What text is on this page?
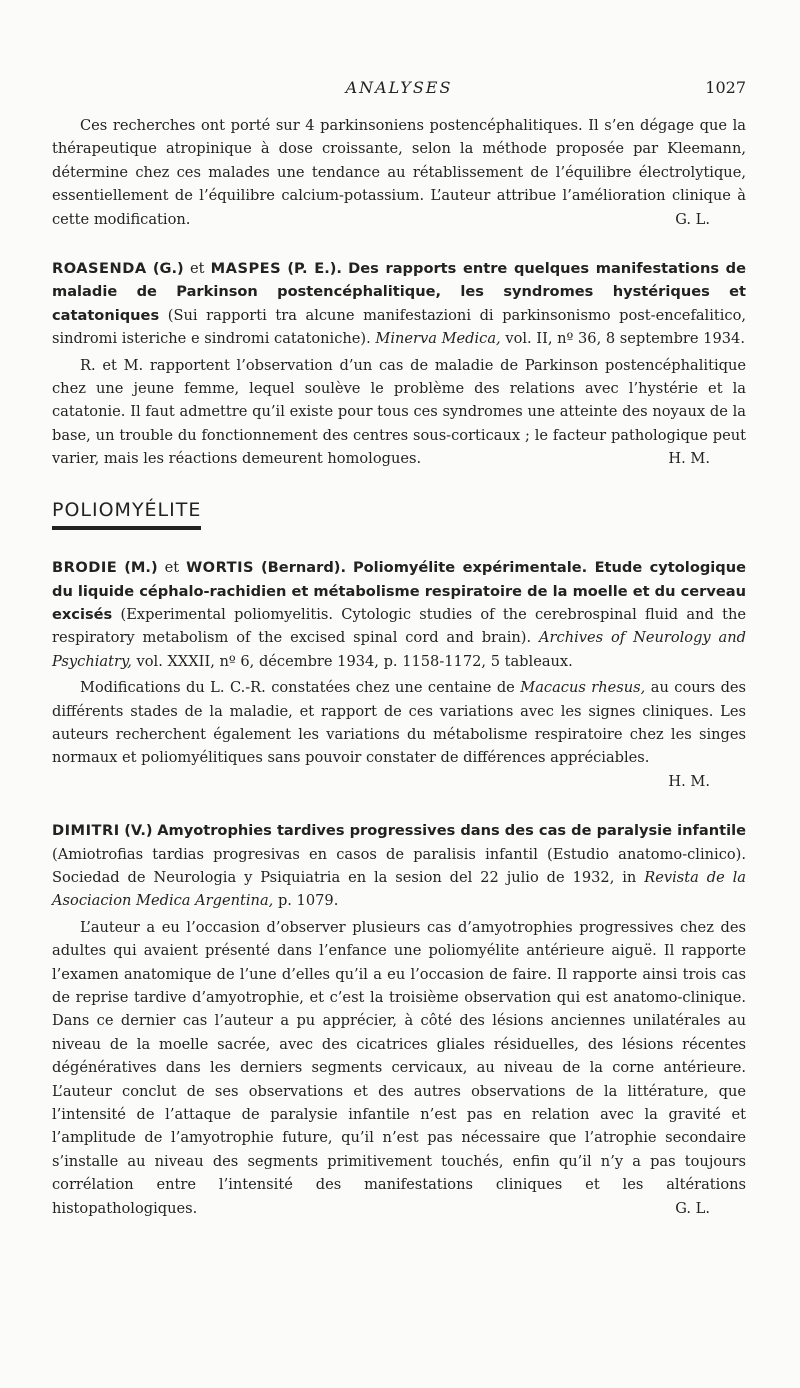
ANALYSES	1027

Ces recherches ont porté sur 4 parkinsoniens postencéphalitiques. Il s’en dégage que la thérapeutique atropinique à dose croissante, selon la méthode proposée par Kleemann, détermine chez ces malades une tendance au rétablissement de l’équilibre électrolytique, essentiellement de l’équilibre calcium-potassium. L’auteur attribue l’amélioration clinique à cette modification.	G. L.

ROASENDA (G.) et MASPES (P. E.). Des rapports entre quelques manifestations de maladie de Parkinson postencéphalitique, les syndromes hystériques et catatoniques (Sui rapporti tra alcune manifestazioni di parkinsonismo post-encefalitico, sindromi isteriche e sindromi catatoniche). Minerva Medica, vol. II, nº 36, 8 septembre 1934.

R. et M. rapportent l’observation d’un cas de maladie de Parkinson postencéphalitique chez une jeune femme, lequel soulève le problème des relations avec l’hystérie et la catatonie. Il faut admettre qu’il existe pour tous ces syndromes une atteinte des noyaux de la base, un trouble du fonctionnement des centres sous-corticaux ; le facteur pathologique peut varier, mais les réactions demeurent homologues.	H. M.

POLIOMYÉLITE

BRODIE (M.) et WORTIS (Bernard). Poliomyélite expérimentale. Etude cytologique du liquide céphalo-rachidien et métabolisme respiratoire de la moelle et du cerveau excisés (Experimental poliomyelitis. Cytologic studies of the cerebrospinal fluid and the respiratory metabolism of the excised spinal cord and brain). Archives of Neurology and Psychiatry, vol. XXXII, nº 6, décembre 1934, p. 1158-1172, 5 tableaux.

Modifications du L. C.-R. constatées chez une centaine de Macacus rhesus, au cours des différents stades de la maladie, et rapport de ces variations avec les signes cliniques. Les auteurs recherchent également les variations du métabolisme respiratoire chez les singes normaux et poliomyélitiques sans pouvoir constater de différences appréciables.

H. M.

DIMITRI (V.) Amyotrophies tardives progressives dans des cas de paralysie infantile (Amiotrofias tardias progresivas en casos de paralisis infantil (Estudio anatomo-clinico). Sociedad de Neurologia y Psiquiatria en la sesion del 22 julio de 1932, in Revista de la Asociacion Medica Argentina, p. 1079.

L’auteur a eu l’occasion d’observer plusieurs cas d’amyotrophies progressives chez des adultes qui avaient présenté dans l’enfance une poliomyélite antérieure aiguë. Il rapporte l’examen anatomique de l’une d’elles qu’il a eu l’occasion de faire. Il rapporte ainsi trois cas de reprise tardive d’amyotrophie, et c’est la troisième observation qui est anatomo-clinique. Dans ce dernier cas l’auteur a pu apprécier, à côté des lésions anciennes unilatérales au niveau de la moelle sacrée, avec des cicatrices gliales résiduelles, des lésions récentes dégénératives dans les derniers segments cervicaux, au niveau de la corne antérieure. L’auteur conclut de ses observations et des autres observations de la littérature, que l’intensité de l’attaque de paralysie infantile n’est pas en relation avec la gravité et l’amplitude de l’amyotrophie future, qu’il n’est pas nécessaire que l’atrophie secondaire s’installe au niveau des segments primitivement touchés, enfin qu’il n’y a pas toujours corrélation entre l’intensité des manifestations cliniques et les altérations histopathologiques.	G. L.
